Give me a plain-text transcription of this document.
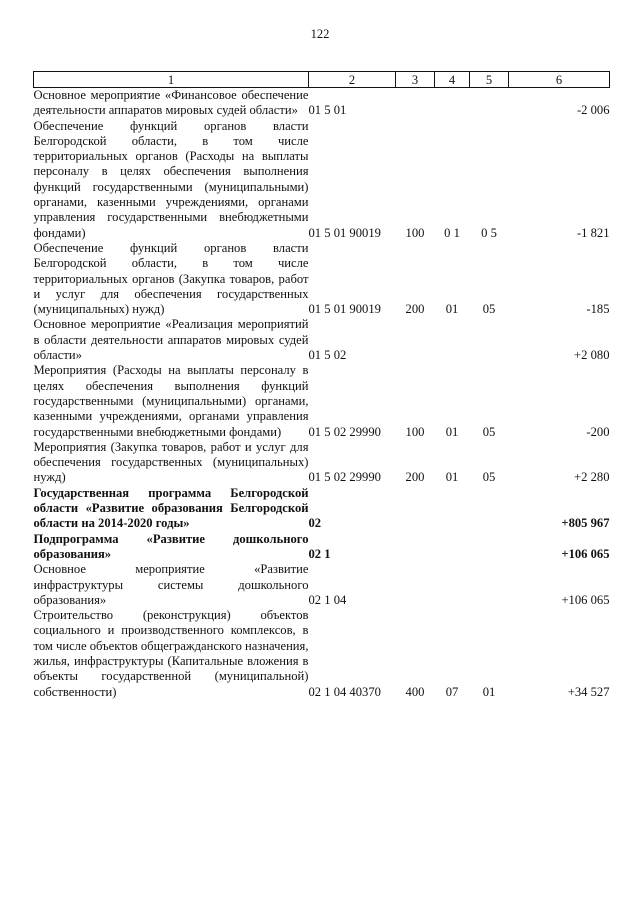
122
1	2	3	4	5	6

Основное мероприятие «Финансовое обеспечение деятельности аппаратов мировых судей области»	01 5 01				-2 006

Обеспечение функций органов власти Белгородской области, в том числе территориальных органов (Расходы на выплаты персоналу в целях обеспечения выполнения функций государственными (муниципальными) органами, казенными учреждениями, органами управления государственными внебюджетными фондами)	01 5 01 90019	100	0 1	0 5	-1 821

Обеспечение функций органов власти Белгородской области, в том числе территориальных органов (Закупка товаров, работ и услуг для обеспечения государственных (муниципальных) нужд)	01 5 01 90019	200	01	05	-185

Основное мероприятие «Реализация мероприятий в области деятельности аппаратов мировых судей области»	01 5 02				+2 080

Мероприятия (Расходы на выплаты персоналу в целях обеспечения выполнения функций государственными (муниципальными) органами, казенными учреждениями, органами управления государственными внебюджетными фондами)	01 5 02 29990	100	01	05	-200

Мероприятия (Закупка товаров, работ и услуг для обеспечения государственных (муниципальных) нужд)	01 5 02 29990	200	01	05	+2 280

Государственная программа Белгородской области «Развитие образования Белгородской области на 2014-2020 годы»	02				+805 967

Подпрограмма «Развитие дошкольного образования»	02 1				+106 065

Основное мероприятие «Развитие инфраструктуры системы дошкольного образования»	02 1 04				+106 065

Строительство (реконструкция) объектов социального и производственного комплексов, в том числе объектов общегражданского назначения, жилья, инфраструктуры (Капитальные вложения в объекты государственной (муниципальной) собственности)	02 1 04 40370	400	07	01	+34 527
